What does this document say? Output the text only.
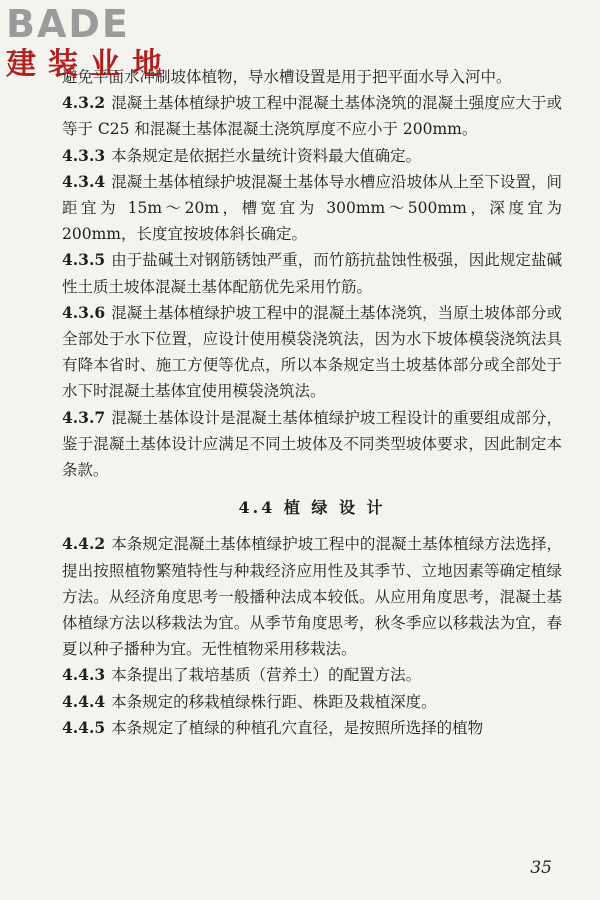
BADE
建装业地

避免平面水冲刷坡体植物，导水槽设置是用于把平面水导入河中。

4.3.2 混凝土基体植绿护坡工程中混凝土基体浇筑的混凝土强度应大于或等于 C25 和混凝土基体混凝土浇筑厚度不应小于 200mm。

4.3.3 本条规定是依据拦水量统计资料最大值确定。

4.3.4 混凝土基体植绿护坡混凝土基体导水槽应沿坡体从上至下设置，间距宜为 15m～20m，槽宽宜为 300mm～500mm，深度宜为 200mm，长度宜按坡体斜长确定。

4.3.5 由于盐碱土对钢筋锈蚀严重，而竹筋抗盐蚀性极强，因此规定盐碱性土质土坡体混凝土基体配筋优先采用竹筋。

4.3.6 混凝土基体植绿护坡工程中的混凝土基体浇筑，当原土坡体部分或全部处于水下位置，应设计使用模袋浇筑法，因为水下坡体模袋浇筑法具有降本省时、施工方便等优点，所以本条规定当土坡基体部分或全部处于水下时混凝土基体宜使用模袋浇筑法。

4.3.7 混凝土基体设计是混凝土基体植绿护坡工程设计的重要组成部分，鉴于混凝土基体设计应满足不同土坡体及不同类型坡体要求，因此制定本条款。

4.4 植 绿 设 计

4.4.2 本条规定混凝土基体植绿护坡工程中的混凝土基体植绿方法选择，提出按照植物繁殖特性与种栽经济应用性及其季节、立地因素等确定植绿方法。从经济角度思考一般播种法成本较低。从应用角度思考，混凝土基体植绿方法以移栽法为宜。从季节角度思考，秋冬季应以移栽法为宜，春夏以种子播种为宜。无性植物采用移栽法。

4.4.3 本条提出了栽培基质（营养土）的配置方法。

4.4.4 本条规定的移栽植绿株行距、株距及栽植深度。

4.4.5 本条规定了植绿的种植孔穴直径，是按照所选择的植物

35
